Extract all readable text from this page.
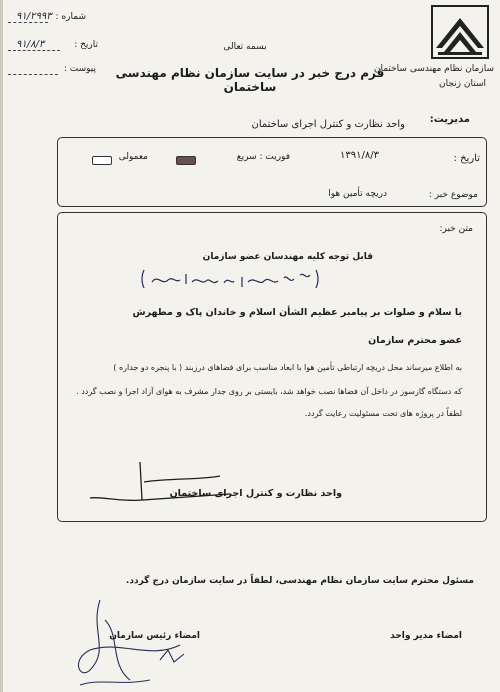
سازمان نظام مهندسی ساختمان
استان زنجان
شماره :
۹۱/۲۹۹۳
تاریخ :
۹۱/۸/۳
پیوست :
بسمه تعالی
فرم درج خبر در سایت سازمان نظام مهندسی ساختمان
مدیریت:
واحد نظارت و کنترل اجرای ساختمان
تاریخ :
۱۳۹۱/۸/۳
فوریت : سریع
معمولی
موضوع خبر :
دریچه تأمین هوا
متن خبر:
قابل توجه کلیه مهندسان عضو سازمان
با سلام و صلوات بر پیامبر عظیم الشأن اسلام و خاندان پاک و مطهرش
عضو محترم سازمان
به اطلاع میرساند محل دریچه ارتباطی تأمین هوا با ابعاد مناسب برای فضاهای درزبند ( با پنجره دو جداره )
که دستگاه گازسوز در داخل آن فضاها نصب خواهد شد، بایستی بر روی جدار مشرف به هوای آزاد اجرا و نصب گردد .
لطفاً در پروژه های تحت مسئولیت رعایت گردد.
واحد نظارت و کنترل اجرای ساختمان
مسئول محترم سایت سازمان نظام مهندسی، لطفاً در سایت سازمان درج گردد.
امضاء رئیس سازمان	امضاء مدیر واحد
